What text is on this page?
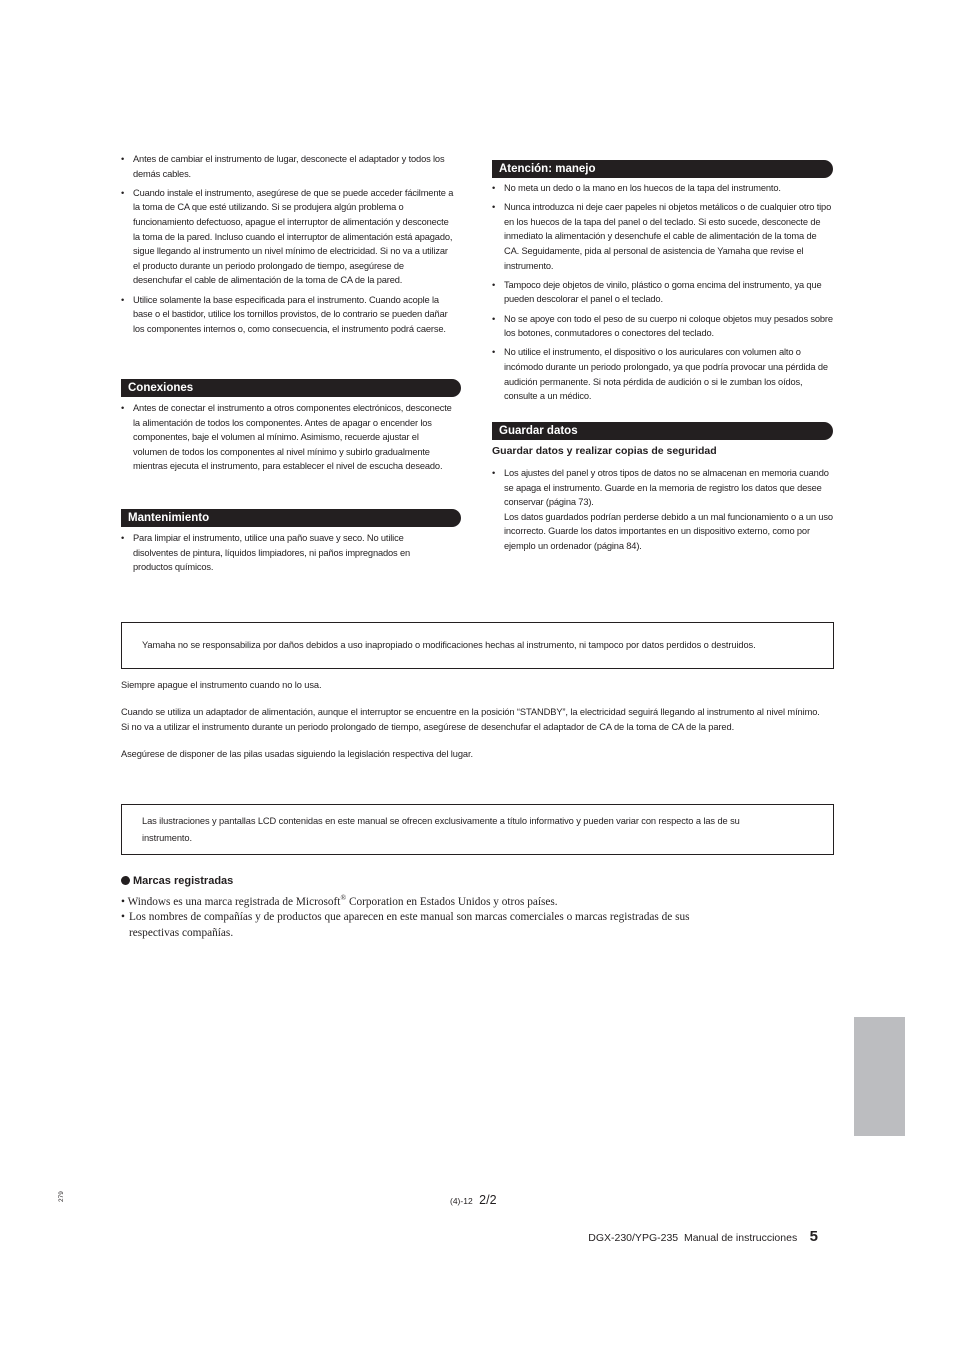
• Antes de cambiar el instrumento de lugar, desconecte el adaptador y todos los demás cables.
• Cuando instale el instrumento, asegúrese de que se puede acceder fácilmente a la toma de CA que esté utilizando. Si se produjera algún problema o funcionamiento defectuoso, apague el interruptor de alimentación y desconecte la toma de la pared. Incluso cuando el interruptor de alimentación está apagado, sigue llegando al instrumento un nivel mínimo de electricidad. Si no va a utilizar el producto durante un periodo prolongado de tiempo, asegúrese de desenchufar el cable de alimentación de la toma de CA de la pared.
• Utilice solamente la base especificada para el instrumento. Cuando acople la base o el bastidor, utilice los tornillos provistos, de lo contrario se pueden dañar los componentes internos o, como consecuencia, el instrumento podrá caerse.
Conexiones
• Antes de conectar el instrumento a otros componentes electrónicos, desconecte la alimentación de todos los componentes. Antes de apagar o encender los componentes, baje el volumen al mínimo. Asimismo, recuerde ajustar el volumen de todos los componentes al nivel mínimo y subirlo gradualmente mientras ejecuta el instrumento, para establecer el nivel de escucha deseado.
Mantenimiento
• Para limpiar el instrumento, utilice una paño suave y seco. No utilice disolventes de pintura, líquidos limpiadores, ni paños impregnados en productos químicos.
Atención: manejo
• No meta un dedo o la mano en los huecos de la tapa del instrumento.
• Nunca introduzca ni deje caer papeles ni objetos metálicos o de cualquier otro tipo en los huecos de la tapa del panel o del teclado. Si esto sucede, desconecte de inmediato la alimentación y desenchufe el cable de alimentación de la toma de CA. Seguidamente, pida al personal de asistencia de Yamaha que revise el instrumento.
• Tampoco deje objetos de vinilo, plástico o goma encima del instrumento, ya que pueden descolorar el panel o el teclado.
• No se apoye con todo el peso de su cuerpo ni coloque objetos muy pesados sobre los botones, conmutadores o conectores del teclado.
• No utilice el instrumento, el dispositivo o los auriculares con volumen alto o incómodo durante un periodo prolongado, ya que podría provocar una pérdida de audición permanente. Si nota pérdida de audición o si le zumban los oídos, consulte a un médico.
Guardar datos
Guardar datos y realizar copias de seguridad
• Los ajustes del panel y otros tipos de datos no se almacenan en memoria cuando se apaga el instrumento. Guarde en la memoria de registro los datos que desee conservar (página 73).
Los datos guardados podrían perderse debido a un mal funcionamiento o a un uso incorrecto. Guarde los datos importantes en un dispositivo externo, como por ejemplo un ordenador (página 84).
Yamaha no se responsabiliza por daños debidos a uso inapropiado o modificaciones hechas al instrumento, ni tampoco por datos perdidos o destruidos.
Siempre apague el instrumento cuando no lo usa.
Cuando se utiliza un adaptador de alimentación, aunque el interruptor se encuentre en la posición “STANDBY”, la electricidad seguirá llegando al instrumento al nivel mínimo. Si no va a utilizar el instrumento durante un periodo prolongado de tiempo, asegúrese de desenchufar el adaptador de CA de la toma de CA de la pared.
Asegúrese de disponer de las pilas usadas siguiendo la legislación respectiva del lugar.
Las ilustraciones y pantallas LCD contenidas en este manual se ofrecen exclusivamente a título informativo y pueden variar con respecto a las de su instrumento.
Marcas registradas
• Windows es una marca registrada de Microsoft® Corporation en Estados Unidos y otros países.
• Los nombres de compañías y de productos que aparecen en este manual son marcas comerciales o marcas registradas de sus respectivas compañías.
279	(4)-12 2/2
DGX-230/YPG-235  Manual de instrucciones 5
